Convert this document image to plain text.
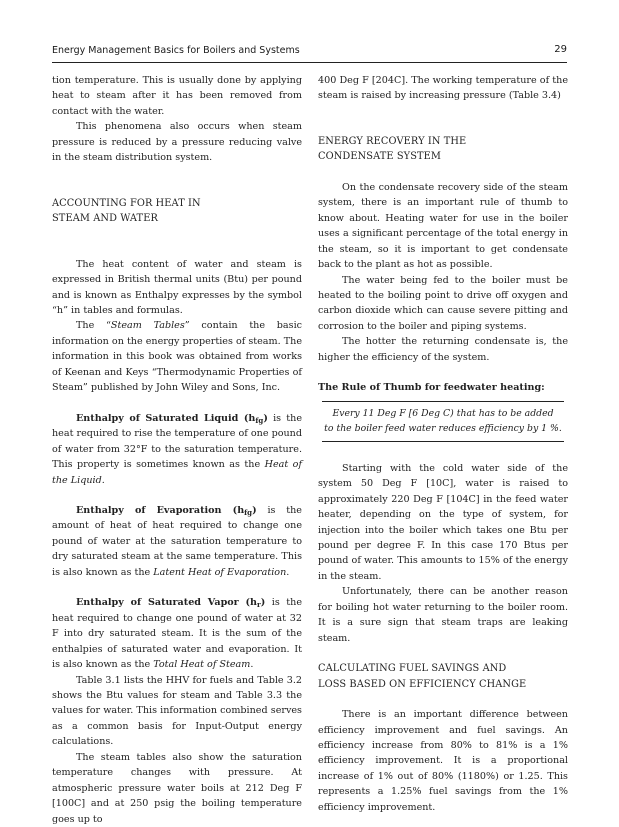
Energy Management Basics for Boilers and Systems	29

tion temperature. This is usually done by applying heat to steam after it has been removed from contact with the water.

This phenomena also occurs when steam pressure is reduced by a pressure reducing valve in the steam distribution system.

ACCOUNTING FOR HEAT IN
STEAM AND WATER

The heat content of water and steam is expressed in British thermal units (Btu) per pound and is known as Enthalpy expresses by the symbol “h” in tables and formulas.

The “Steam Tables” contain the basic information on the energy properties of steam. The information in this book was obtained from works of Keenan and Keys “Thermodynamic Properties of Steam” published by John Wiley and Sons, Inc.

Enthalpy of Saturated Liquid $(h_{fg})$ is the heat required to rise the temperature of one pound of water from 32°F to the saturation temperature. This property is sometimes known as the Heat of the Liquid.

Enthalpy of Evaporation $(h_{fg})$ is the amount of heat of heat required to change one pound of water at the saturation temperature to dry saturated steam at the same temperature. This is also known as the Latent Heat of Evaporation.

Enthalpy of Saturated Vapor $(h_r)$ is the heat required to change one pound of water at 32 F into dry saturated steam. It is the sum of the enthalpies of saturated water and evaporation. It is also known as the Total Heat of Steam.

Table 3.1 lists the HHV for fuels and Table 3.2 shows the Btu values for steam and Table 3.3 the values for water. This information combined serves as a common basis for Input-Output energy calculations.

The steam tables also show the saturation temperature changes with pressure. At atmospheric pressure water boils at 212 Deg F [100C] and at 250 psig the boiling temperature goes up to

400 Deg F [204C]. The working temperature of the steam is raised by increasing pressure (Table 3.4)

ENERGY RECOVERY IN THE
CONDENSATE SYSTEM

On the condensate recovery side of the steam system, there is an important rule of thumb to know about. Heating water for use in the boiler uses a significant percentage of the total energy in the steam, so it is important to get condensate back to the plant as hot as possible.

The water being fed to the boiler must be heated to the boiling point to drive off oxygen and carbon dioxide which can cause severe pitting and corrosion to the boiler and piping systems.

The hotter the returning condensate is, the higher the efficiency of the system.

The Rule of Thumb for feedwater heating:

Every 11 Deg F [6 Deg C) that has to be added
to the boiler feed water reduces efficiency by 1 %.

Starting with the cold water side of the system 50 Deg F [10C], water is raised to approximately 220 Deg F [104C] in the feed water heater, depending on the type of system, for injection into the boiler which takes one Btu per pound per degree F. In this case 170 Btus per pound of water. This amounts to 15% of the energy in the steam.

Unfortunately, there can be another reason for boiling hot water returning to the boiler room. It is a sure sign that steam traps are leaking steam.

CALCULATING FUEL SAVINGS AND
LOSS BASED ON EFFICIENCY CHANGE

There is an important difference between efficiency improvement and fuel savings. An efficiency increase from 80% to 81% is a 1% efficiency improvement. It is a proportional increase of 1% out of 80% (1180%) or 1.25. This represents a 1.25% fuel savings from the 1% efficiency improvement.
